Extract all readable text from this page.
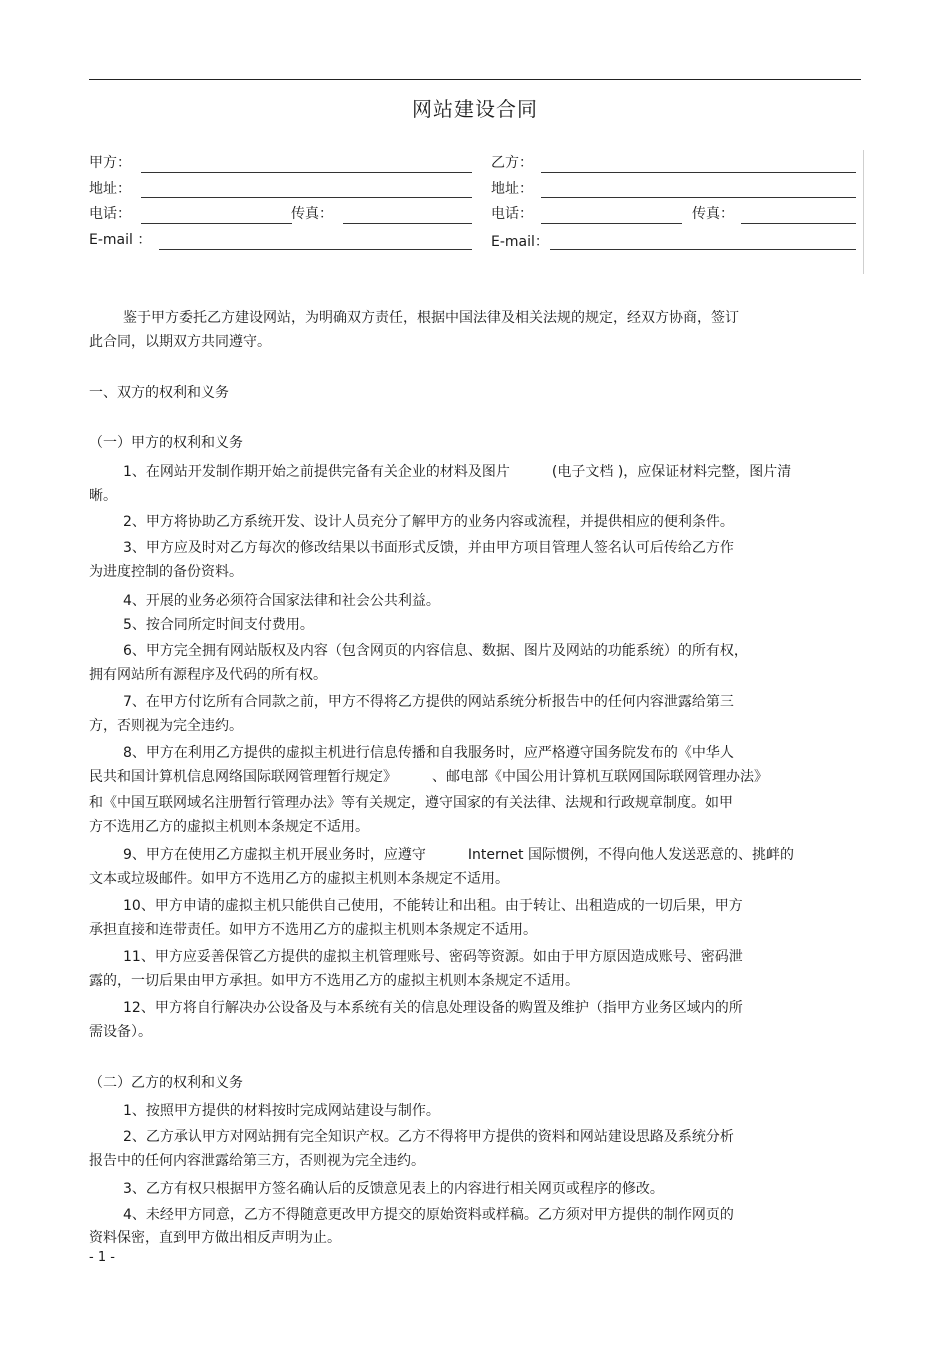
网站建设合同
甲方：
地址：
电话：	传真：
E-mail ：
乙方：
地址：
电话：	传真：
E-mail：
鉴于甲方委托乙方建设网站，为明确双方责任，根据中国法律及相关法规的规定，经双方协商，签订
此合同，以期双方共同遵守。
一、双方的权利和义务
（一）甲方的权利和义务
1、在网站开发制作期开始之前提供完备有关企业的材料及图片　　　(电子文档 )，应保证材料完整，图片清
晰。
2、甲方将协助乙方系统开发、设计人员充分了解甲方的业务内容或流程，并提供相应的便利条件。
3、甲方应及时对乙方每次的修改结果以书面形式反馈，并由甲方项目管理人签名认可后传给乙方作
为进度控制的备份资料。
4、开展的业务必须符合国家法律和社会公共利益。
5、按合同所定时间支付费用。
6、甲方完全拥有网站版权及内容（包含网页的内容信息、数据、图片及网站的功能系统）的所有权，
拥有网站所有源程序及代码的所有权。
7、在甲方付讫所有合同款之前，甲方不得将乙方提供的网站系统分析报告中的任何内容泄露给第三
方，否则视为完全违约。
8、甲方在利用乙方提供的虚拟主机进行信息传播和自我服务时，应严格遵守国务院发布的《中华人
民共和国计算机信息网络国际联网管理暂行规定》　　　、邮电部《中国公用计算机互联网国际联网管理办法》
和《中国互联网域名注册暂行管理办法》等有关规定，遵守国家的有关法律、法规和行政规章制度。如甲
方不选用乙方的虚拟主机则本条规定不适用。
9、甲方在使用乙方虚拟主机开展业务时，应遵守　　　Internet 国际惯例，不得向他人发送恶意的、挑衅的
文本或垃圾邮件。如甲方不选用乙方的虚拟主机则本条规定不适用。
10、甲方申请的虚拟主机只能供自己使用，不能转让和出租。由于转让、出租造成的一切后果，甲方
承担直接和连带责任。如甲方不选用乙方的虚拟主机则本条规定不适用。
11、甲方应妥善保管乙方提供的虚拟主机管理账号、密码等资源。如由于甲方原因造成账号、密码泄
露的，一切后果由甲方承担。如甲方不选用乙方的虚拟主机则本条规定不适用。
12、甲方将自行解决办公设备及与本系统有关的信息处理设备的购置及维护（指甲方业务区域内的所
需设备）。
（二）乙方的权利和义务
1、按照甲方提供的材料按时完成网站建设与制作。
2、乙方承认甲方对网站拥有完全知识产权。乙方不得将甲方提供的资料和网站建设思路及系统分析
报告中的任何内容泄露给第三方，否则视为完全违约。
3、乙方有权只根据甲方签名确认后的反馈意见表上的内容进行相关网页或程序的修改。
4、未经甲方同意，乙方不得随意更改甲方提交的原始资料或样稿。乙方须对甲方提供的制作网页的
资料保密，直到甲方做出相反声明为止。
- 1 -
